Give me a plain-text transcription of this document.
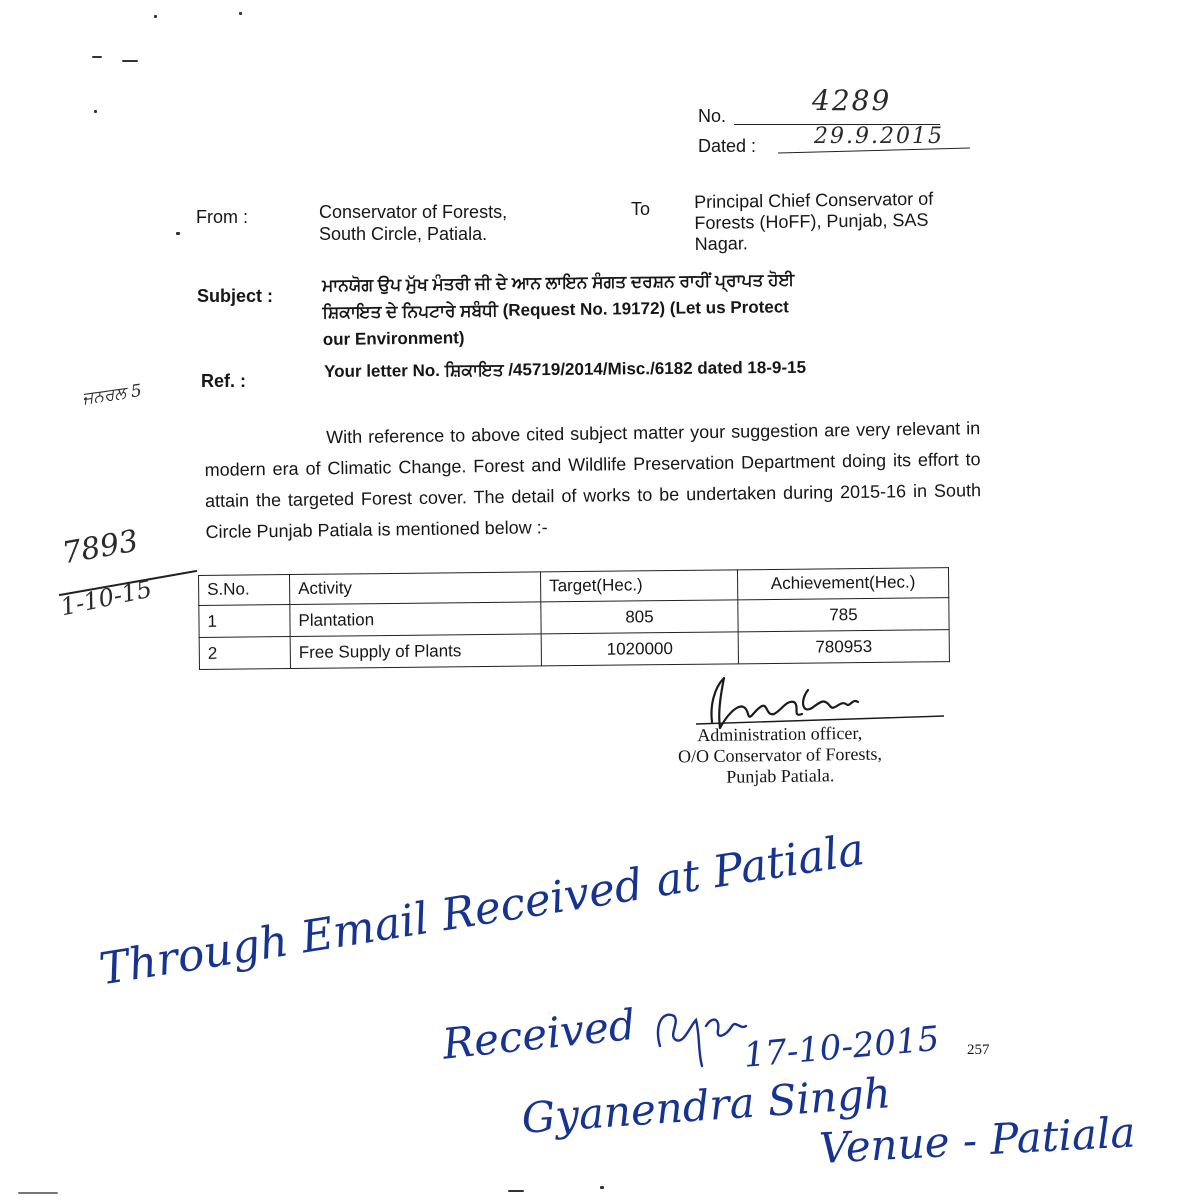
No.	4289
Dated :	29.9.2015
From :	Conservator of Forests,
South Circle, Patiala.
To Principal Chief Conservator of
Forests (HoFF), Punjab, SAS
Nagar.
Subject :
ਮਾਨਯੋਗ ਉਪ ਮੁੱਖ ਮੰਤਰੀ ਜੀ ਦੇ ਆਨ ਲਾਇਨ ਸੰਗਤ ਦਰਸ਼ਨ ਰਾਹੀਂ ਪ੍ਰਾਪਤ ਹੋਈ
ਸ਼ਿਕਾਇਤ ਦੇ ਨਿਪਟਾਰੇ ਸਬੰਧੀ (Request No. 19172) (Let us Protect
our Environment)
Ref. :
Your letter No. ਸ਼ਿਕਾਇਤ /45719/2014/Misc./6182 dated 18-9-15
ਜਨਰਲ 5

With reference to above cited subject matter your suggestion are very relevant in modern era of Climatic Change. Forest and Wildlife Preservation Department doing its effort to attain the targeted Forest cover. The detail of works to be undertaken during 2015-16 in South Circle Punjab Patiala is mentioned below :-

7893
1-10-15	S.No.	Activity	Target(Hec.)	Achievement(Hec.)
1	Plantation	805	785
2	Free Supply of Plants	1020000	780953
Administration officer,
O/O Conservator of Forests,
Punjab Patiala.
Through Email Received at Patiala
Received	17-10-2015 257
Gyanendra Singh
Venue - Patiala
